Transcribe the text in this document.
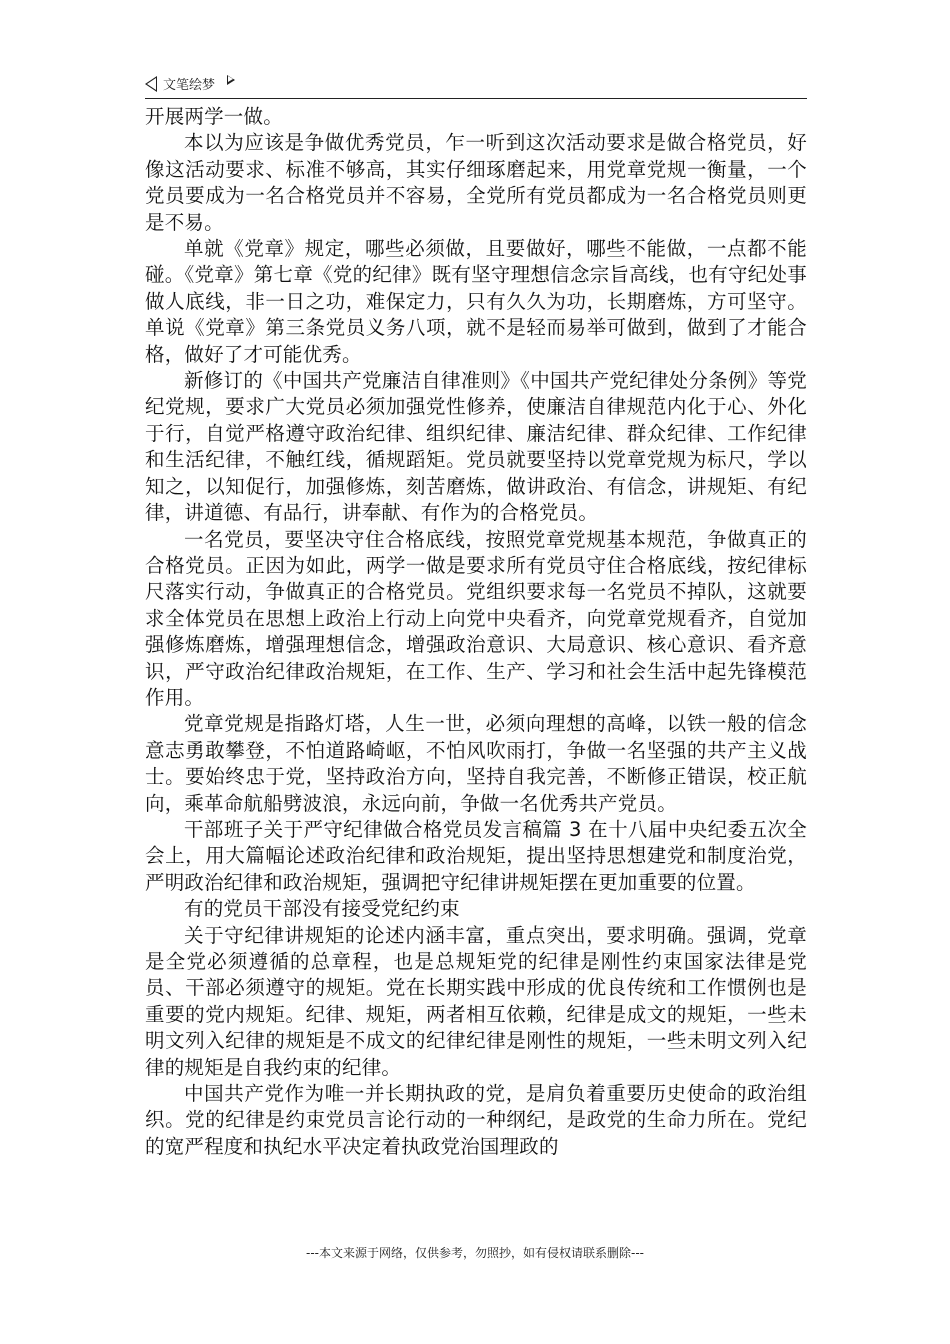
文笔绘梦

开展两学一做。

本以为应该是争做优秀党员，乍一听到这次活动要求是做合格党员，好像这活动要求、标准不够高，其实仔细琢磨起来，用党章党规一衡量，一个党员要成为一名合格党员并不容易，全党所有党员都成为一名合格党员则更是不易。

单就《党章》规定，哪些必须做，且要做好，哪些不能做，一点都不能碰。《党章》第七章《党的纪律》既有坚守理想信念宗旨高线，也有守纪处事做人底线，非一日之功，难保定力，只有久久为功，长期磨炼，方可坚守。单说《党章》第三条党员义务八项，就不是轻而易举可做到，做到了才能合格，做好了才可能优秀。

新修订的《中国共产党廉洁自律准则》《中国共产党纪律处分条例》等党纪党规，要求广大党员必须加强党性修养，使廉洁自律规范内化于心、外化于行，自觉严格遵守政治纪律、组织纪律、廉洁纪律、群众纪律、工作纪律和生活纪律，不触红线，循规蹈矩。党员就要坚持以党章党规为标尺，学以知之，以知促行，加强修炼，刻苦磨炼，做讲政治、有信念，讲规矩、有纪律，讲道德、有品行，讲奉献、有作为的合格党员。

一名党员，要坚决守住合格底线，按照党章党规基本规范，争做真正的合格党员。正因为如此，两学一做是要求所有党员守住合格底线，按纪律标尺落实行动，争做真正的合格党员。党组织要求每一名党员不掉队，这就要求全体党员在思想上政治上行动上向党中央看齐，向党章党规看齐，自觉加强修炼磨炼，增强理想信念，增强政治意识、大局意识、核心意识、看齐意识，严守政治纪律政治规矩，在工作、生产、学习和社会生活中起先锋模范作用。

党章党规是指路灯塔，人生一世，必须向理想的高峰，以铁一般的信念意志勇敢攀登，不怕道路崎岖，不怕风吹雨打，争做一名坚强的共产主义战士。要始终忠于党，坚持政治方向，坚持自我完善，不断修正错误，校正航向，乘革命航船劈波浪，永远向前，争做一名优秀共产党员。

干部班子关于严守纪律做合格党员发言稿篇 3 在十八届中央纪委五次全会上，用大篇幅论述政治纪律和政治规矩，提出坚持思想建党和制度治党，严明政治纪律和政治规矩，强调把守纪律讲规矩摆在更加重要的位置。

有的党员干部没有接受党纪约束

关于守纪律讲规矩的论述内涵丰富，重点突出，要求明确。强调，党章是全党必须遵循的总章程，也是总规矩党的纪律是刚性约束国家法律是党员、干部必须遵守的规矩。党在长期实践中形成的优良传统和工作惯例也是重要的党内规矩。纪律、规矩，两者相互依赖，纪律是成文的规矩，一些未明文列入纪律的规矩是不成文的纪律纪律是刚性的规矩，一些未明文列入纪律的规矩是自我约束的纪律。

中国共产党作为唯一并长期执政的党，是肩负着重要历史使命的政治组织。党的纪律是约束党员言论行动的一种纲纪，是政党的生命力所在。党纪的宽严程度和执纪水平决定着执政党治国理政的

---本文来源于网络，仅供参考，勿照抄，如有侵权请联系删除---
